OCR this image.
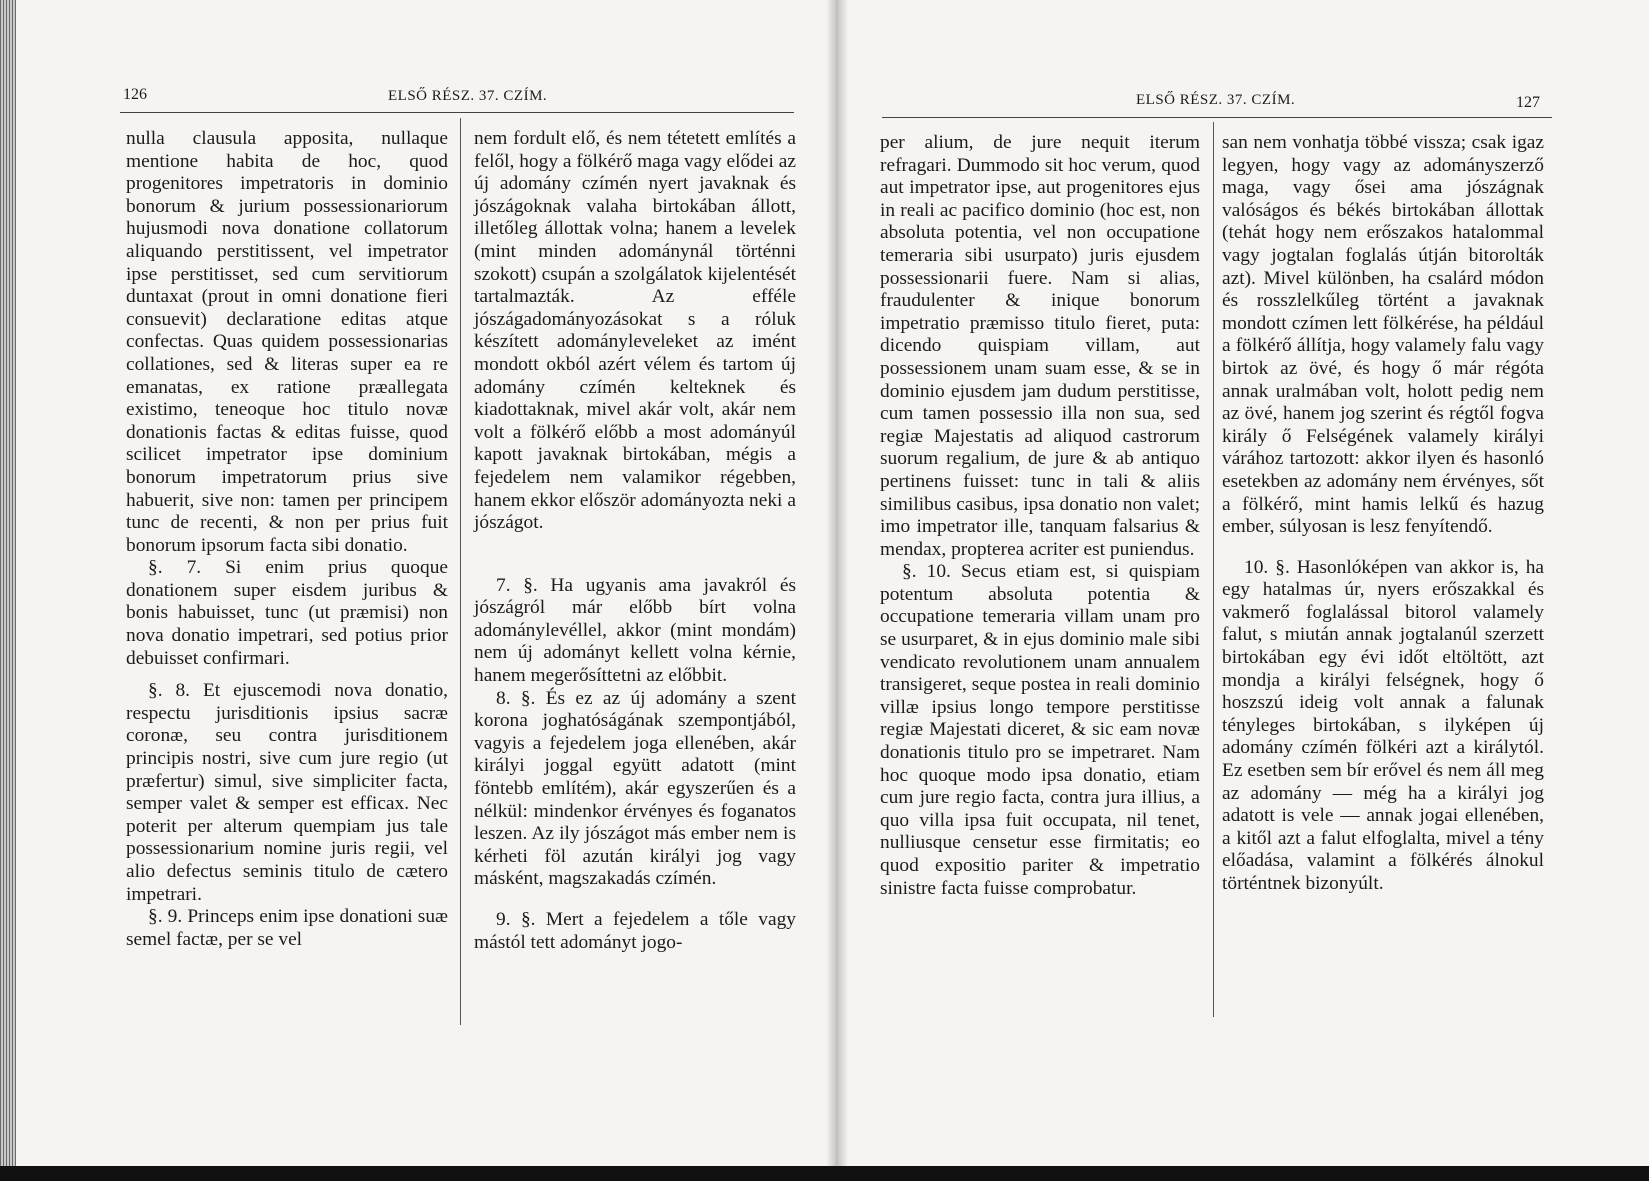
126	ELSŐ RÉSZ. 37. CZÍM.

nulla clausula apposita, nullaque mentione habita de hoc, quod progenitores impetratoris in dominio bonorum & jurium possessionariorum hujusmodi nova donatione collatorum aliquando perstitissent, vel impetrator ipse perstitisset, sed cum servitiorum duntaxat (prout in omni donatione fieri consuevit) declaratione editas atque confectas. Quas quidem possessionarias collationes, sed & literas super ea re emanatas, ex ratione præallegata existimo, teneoque hoc titulo novæ donationis factas & editas fuisse, quod scilicet impetrator ipse dominium bonorum impetratorum prius sive habuerit, sive non: tamen per principem tunc de recenti, & non per prius fuit bonorum ipsorum facta sibi donatio.

§. 7. Si enim prius quoque donationem super eisdem juribus & bonis habuisset, tunc (ut præmisi) non nova donatio impetrari, sed potius prior debuisset confirmari.

§. 8. Et ejuscemodi nova donatio, respectu jurisditionis ipsius sacræ coronæ, seu contra jurisditionem principis nostri, sive cum jure regio (ut præfertur) simul, sive simpliciter facta, semper valet & semper est efficax. Nec poterit per alterum quempiam jus tale possessionarium nomine juris regii, vel alio defectus seminis titulo de cætero impetrari.

§. 9. Princeps enim ipse donationi suæ semel factæ, per se vel

nem fordult elő, és nem tétetett említés a felől, hogy a fölkérő maga vagy elődei az új adomány czímén nyert javaknak és jószágoknak valaha birtokában állott, illetőleg állottak volna; hanem a levelek (mint minden adománynál történni szokott) csupán a szolgálatok kijelentését tartalmazták. Az efféle jószágadományozásokat s a róluk készített adományleveleket az imént mondott okból azért vélem és tartom új adomány czímén kelteknek és kiadottaknak, mivel akár volt, akár nem volt a fölkérő előbb a most adományúl kapott javaknak birtokában, mégis a fejedelem nem valamikor régebben, hanem ekkor először adományozta neki a jószágot.

7. §. Ha ugyanis ama javakról és jószágról már előbb bírt volna adománylevéllel, akkor (mint mondám) nem új adományt kellett volna kérnie, hanem megerősíttetni az előbbit.

8. §. És ez az új adomány a szent korona joghatóságának szempontjából, vagyis a fejedelem joga ellenében, akár királyi joggal együtt adatott (mint föntebb említém), akár egyszerűen és a nélkül: mindenkor érvényes és foganatos leszen. Az ily jószágot más ember nem is kérheti föl azután királyi jog vagy másként, magszakadás czímén.

9. §. Mert a fejedelem a tőle vagy mástól tett adományt jogo-

ELSŐ RÉSZ. 37. CZÍM.	127

per alium, de jure nequit iterum refragari. Dummodo sit hoc verum, quod aut impetrator ipse, aut progenitores ejus in reali ac pacifico dominio (hoc est, non absoluta potentia, vel non occupatione temeraria sibi usurpato) juris ejusdem possessionarii fuere. Nam si alias, fraudulenter & inique bonorum impetratio præmisso titulo fieret, puta: dicendo quispiam villam, aut possessionem unam suam esse, & se in dominio ejusdem jam dudum perstitisse, cum tamen possessio illa non sua, sed regiæ Majestatis ad aliquod castrorum suorum regalium, de jure & ab antiquo pertinens fuisset: tunc in tali & aliis similibus casibus, ipsa donatio non valet; imo impetrator ille, tanquam falsarius & mendax, propterea acriter est puniendus.

§. 10. Secus etiam est, si quispiam potentum absoluta potentia & occupatione temeraria villam unam pro se usurparet, & in ejus dominio male sibi vendicato revolutionem unam annualem transigeret, seque postea in reali dominio villæ ipsius longo tempore perstitisse regiæ Majestati diceret, & sic eam novæ donationis titulo pro se impetraret. Nam hoc quoque modo ipsa donatio, etiam cum jure regio facta, contra jura illius, a quo villa ipsa fuit occupata, nil tenet, nulliusque censetur esse firmitatis; eo quod expositio pariter & impetratio sinistre facta fuisse comprobatur.

san nem vonhatja többé vissza; csak igaz legyen, hogy vagy az adományszerző maga, vagy ősei ama jószágnak valóságos és békés birtokában állottak (tehát hogy nem erőszakos hatalommal vagy jogtalan foglalás útján bitorolták azt). Mivel különben, ha csalárd módon és rosszlelkűleg történt a javaknak mondott czímen lett fölkérése, ha például a fölkérő állítja, hogy valamely falu vagy birtok az övé, és hogy ő már régóta annak uralmában volt, holott pedig nem az övé, hanem jog szerint és régtől fogva király ő Felségének valamely királyi várához tartozott: akkor ilyen és hasonló esetekben az adomány nem érvényes, sőt a fölkérő, mint hamis lelkű és hazug ember, súlyosan is lesz fenyítendő.

10. §. Hasonlóképen van akkor is, ha egy hatalmas úr, nyers erőszakkal és vakmerő foglalással bitorol valamely falut, s miután annak jogtalanúl szerzett birtokában egy évi időt eltöltött, azt mondja a királyi felségnek, hogy ő hoszszú ideig volt annak a falunak tényleges birtokában, s ilyképen új adomány czímén fölkéri azt a királytól. Ez esetben sem bír erővel és nem áll meg az adomány — még ha a királyi jog adatott is vele — annak jogai ellenében, a kitől azt a falut elfoglalta, mivel a tény előadása, valamint a fölkérés álnokul történtnek bizonyúlt.
